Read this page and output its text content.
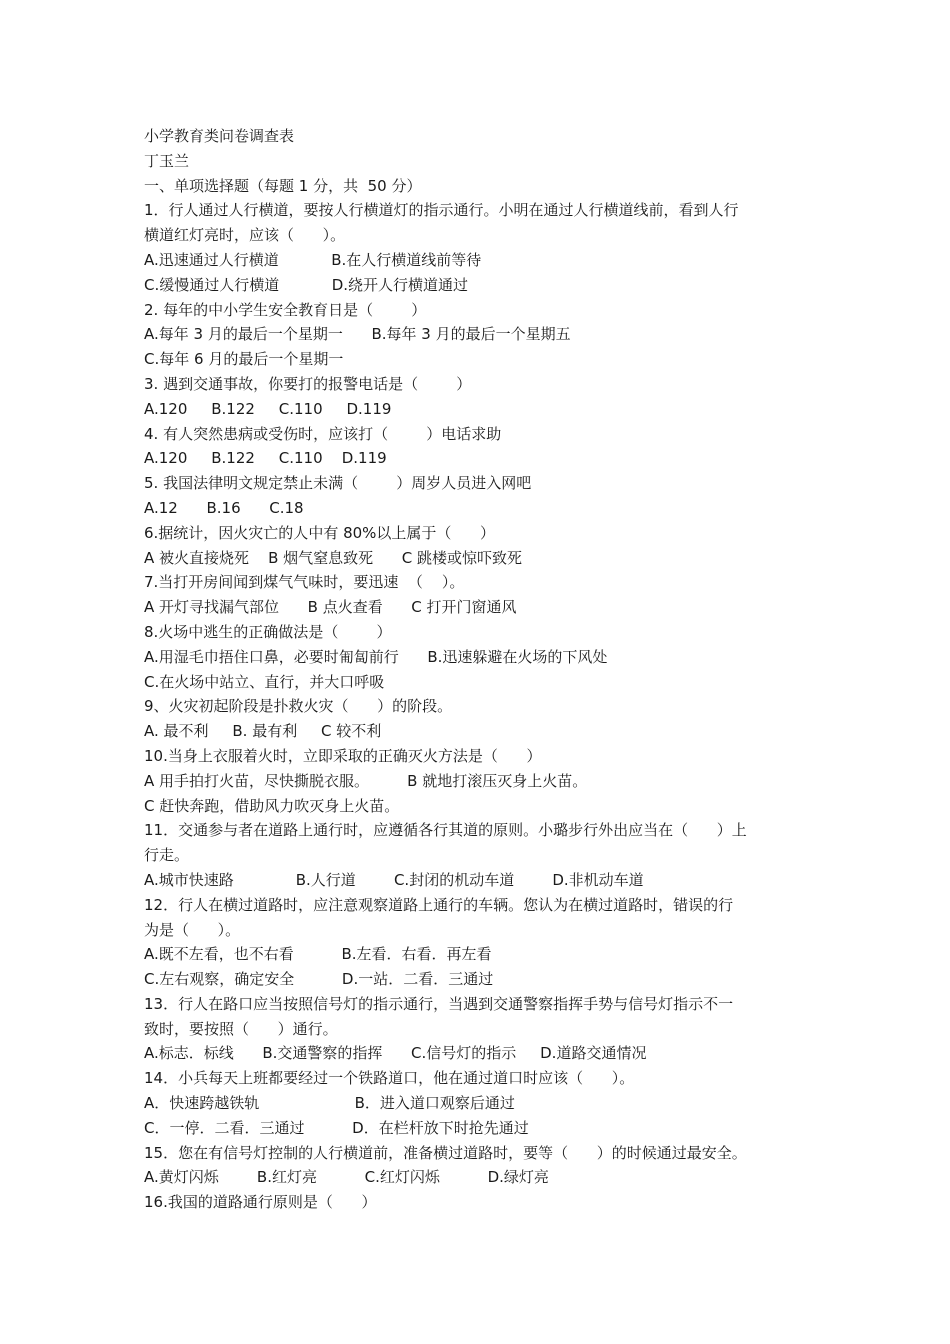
小学教育类问卷调查表
丁玉兰
一、单项选择题（每题 1 分，共  50 分）
1．行人通过人行横道，要按人行横道灯的指示通行。小明在通过人行横道线前，看到人行
横道红灯亮时，应该（      ）。
A.迅速通过人行横道           B.在人行横道线前等待
C.缓慢通过人行横道           D.绕开人行横道通过
2. 每年的中小学生安全教育日是（        ）
A.每年 3 月的最后一个星期一      B.每年 3 月的最后一个星期五
C.每年 6 月的最后一个星期一
3. 遇到交通事故，你要打的报警电话是（        ）
A.120     B.122     C.110     D.119
4. 有人突然患病或受伤时，应该打（        ）电话求助
A.120     B.122     C.110    D.119
5. 我国法律明文规定禁止未满（        ）周岁人员进入网吧
A.12      B.16      C.18
6.据统计，因火灾亡的人中有 80%以上属于（      ）
A 被火直接烧死    B 烟气窒息致死      C 跳楼或惊吓致死
7.当打开房间闻到煤气气味时，要迅速  （    ）。
A 开灯寻找漏气部位      B 点火查看      C 打开门窗通风
8.火场中逃生的正确做法是（        ）
A.用湿毛巾捂住口鼻，必要时匍匐前行      B.迅速躲避在火场的下风处
C.在火场中站立、直行，并大口呼吸
9、火灾初起阶段是扑救火灾（      ）的阶段。
A. 最不利     B. 最有利     C 较不利
10.当身上衣服着火时，立即采取的正确灭火方法是（      ）
A 用手拍打火苗，尽快撕脱衣服。        B 就地打滚压灭身上火苗。
C 赶快奔跑，借助风力吹灭身上火苗。
11．交通参与者在道路上通行时，应遵循各行其道的原则。小璐步行外出应当在（      ）上
行走。
A.城市快速路             B.人行道        C.封闭的机动车道        D.非机动车道
12．行人在横过道路时，应注意观察道路上通行的车辆。您认为在横过道路时，错误的行
为是（      ）。
A.既不左看，也不右看          B.左看．右看．再左看
C.左右观察，确定安全          D.一站．二看．三通过
13．行人在路口应当按照信号灯的指示通行，当遇到交通警察指挥手势与信号灯指示不一
致时，要按照（      ）通行。
A.标志．标线      B.交通警察的指挥      C.信号灯的指示     D.道路交通情况
14．小兵每天上班都要经过一个铁路道口，他在通过道口时应该（      ）。
A．快速跨越铁轨                    B．进入道口观察后通过
C．一停．二看．三通过          D．在栏杆放下时抢先通过
15．您在有信号灯控制的人行横道前，准备横过道路时，要等（      ）的时候通过最安全。
A.黄灯闪烁        B.红灯亮          C.红灯闪烁          D.绿灯亮
16.我国的道路通行原则是（      ）
